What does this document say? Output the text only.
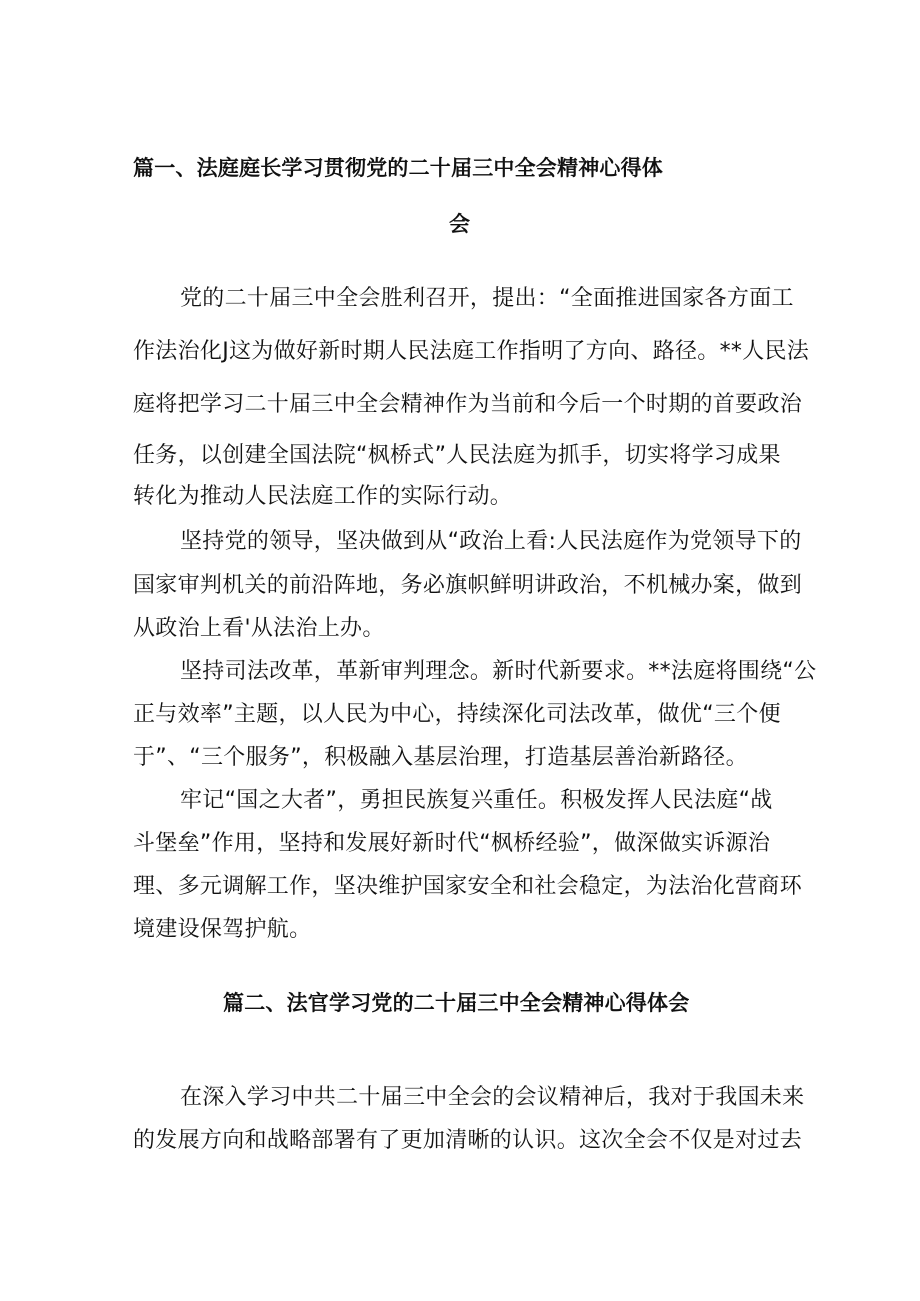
篇一、法庭庭长学习贯彻党的二十届三中全会精神心得体
会
党的二十届三中全会胜利召开，提出：“全面推进国家各方面工
作法治化J这为做好新时期人民法庭工作指明了方向、路径。**人民法
庭将把学习二十届三中全会精神作为当前和今后一个时期的首要政治
任务，以创建全国法院“枫桥式”人民法庭为抓手，切实将学习成果
转化为推动人民法庭工作的实际行动。
坚持党的领导，坚决做到从“政治上看:人民法庭作为党领导下的
国家审判机关的前沿阵地，务必旗帜鲜明讲政治，不机械办案，做到
从政治上看'从法治上办。
坚持司法改革，革新审判理念。新时代新要求。**法庭将围绕“公
正与效率”主题，以人民为中心，持续深化司法改革，做优“三个便
于”、“三个服务”，积极融入基层治理，打造基层善治新路径。
牢记“国之大者”，勇担民族复兴重任。积极发挥人民法庭“战
斗堡垒”作用，坚持和发展好新时代“枫桥经验”，做深做实诉源治
理、多元调解工作，坚决维护国家安全和社会稳定，为法治化营商环
境建设保驾护航。
篇二、法官学习党的二十届三中全会精神心得体会
在深入学习中共二十届三中全会的会议精神后，我对于我国未来
的发展方向和战略部署有了更加清晰的认识。这次全会不仅是对过去
